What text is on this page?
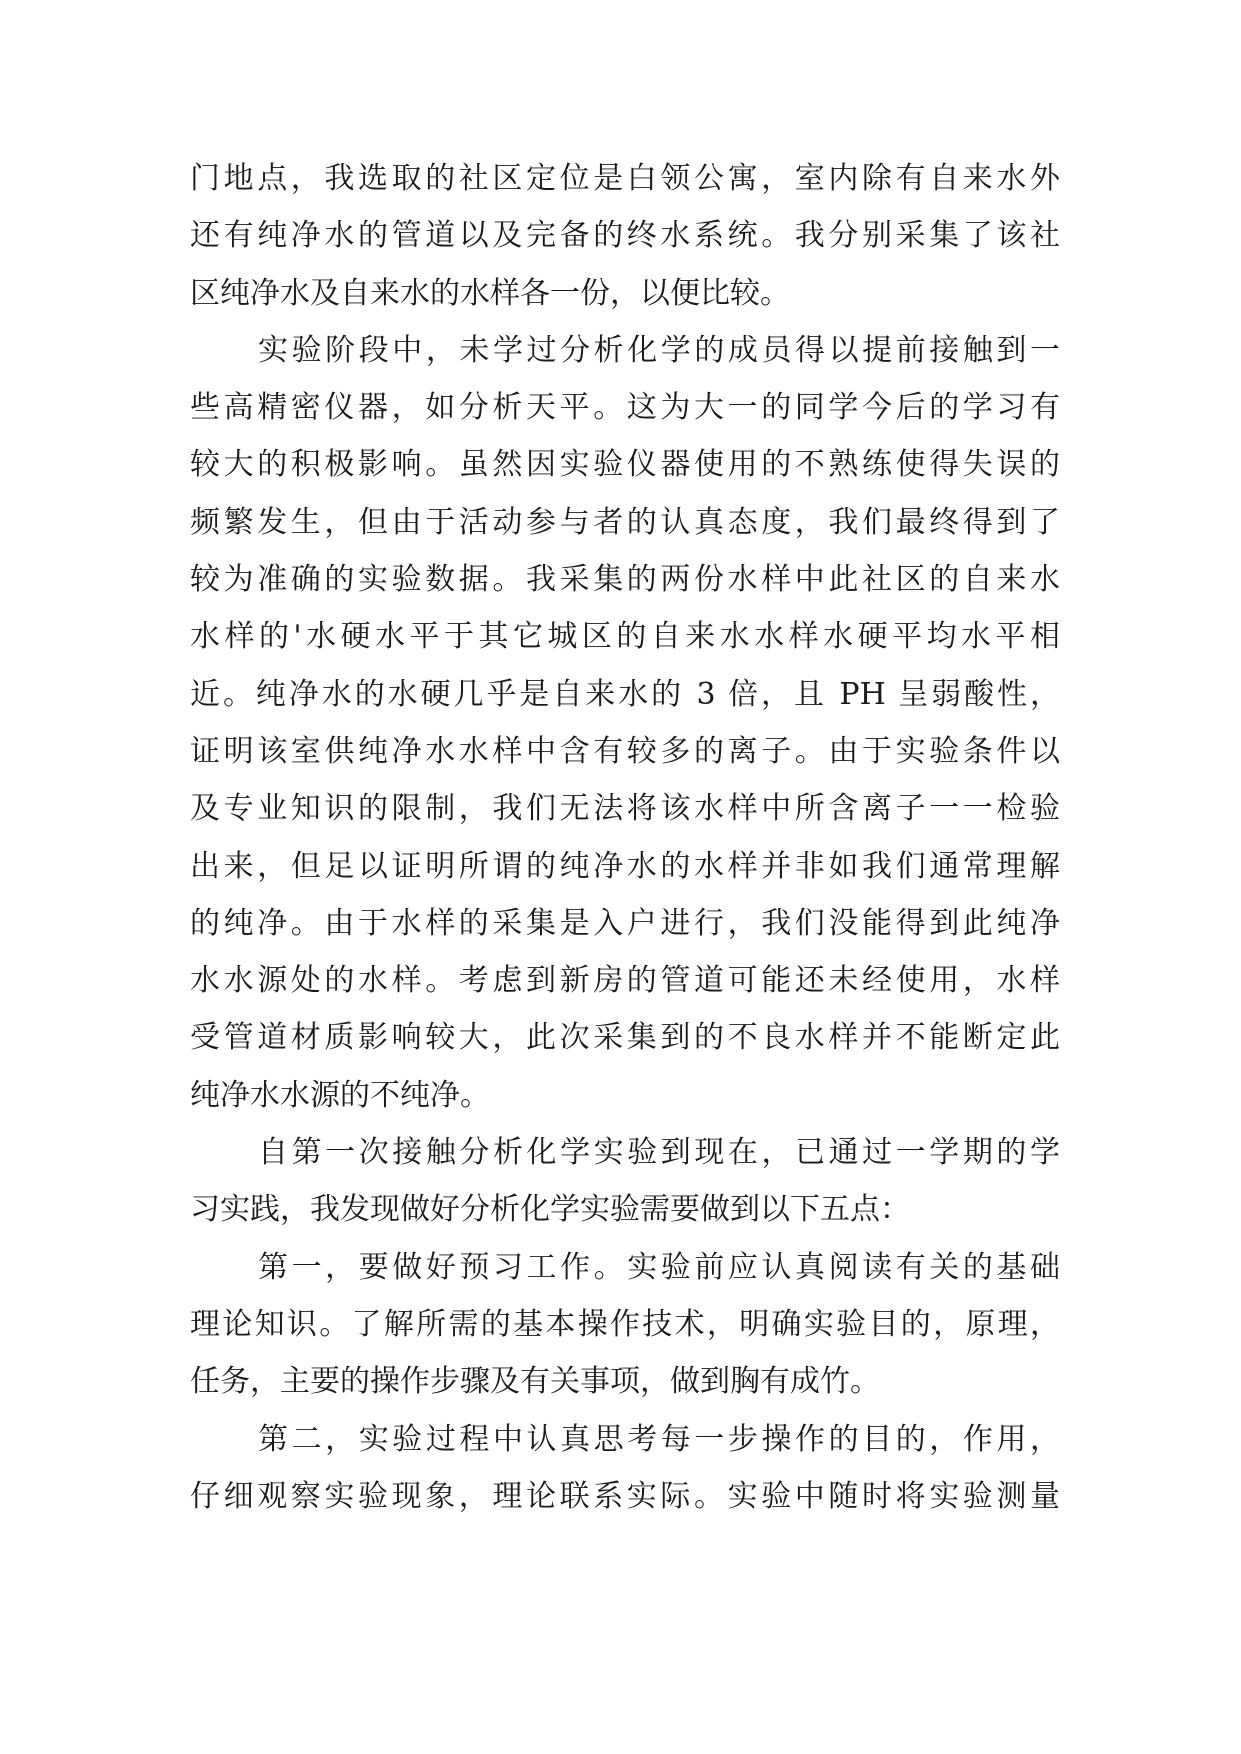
门地点，我选取的社区定位是白领公寓，室内除有自来水外
还有纯净水的管道以及完备的终水系统。我分别采集了该社
区纯净水及自来水的水样各一份，以便比较。
实验阶段中，未学过分析化学的成员得以提前接触到一
些高精密仪器，如分析天平。这为大一的同学今后的学习有
较大的积极影响。虽然因实验仪器使用的不熟练使得失误的
频繁发生，但由于活动参与者的认真态度，我们最终得到了
较为准确的实验数据。我采集的两份水样中此社区的自来水
水样的'水硬水平于其它城区的自来水水样水硬平均水平相
近。纯净水的水硬几乎是自来水的 3 倍，且 PH 呈弱酸性，
证明该室供纯净水水样中含有较多的离子。由于实验条件以
及专业知识的限制，我们无法将该水样中所含离子一一检验
出来，但足以证明所谓的纯净水的水样并非如我们通常理解
的纯净。由于水样的采集是入户进行，我们没能得到此纯净
水水源处的水样。考虑到新房的管道可能还未经使用，水样
受管道材质影响较大，此次采集到的不良水样并不能断定此
纯净水水源的不纯净。
自第一次接触分析化学实验到现在，已通过一学期的学
习实践，我发现做好分析化学实验需要做到以下五点：
第一，要做好预习工作。实验前应认真阅读有关的基础
理论知识。了解所需的基本操作技术，明确实验目的，原理，
任务，主要的操作步骤及有关事项，做到胸有成竹。
第二，实验过程中认真思考每一步操作的目的，作用，
仔细观察实验现象，理论联系实际。实验中随时将实验测量
